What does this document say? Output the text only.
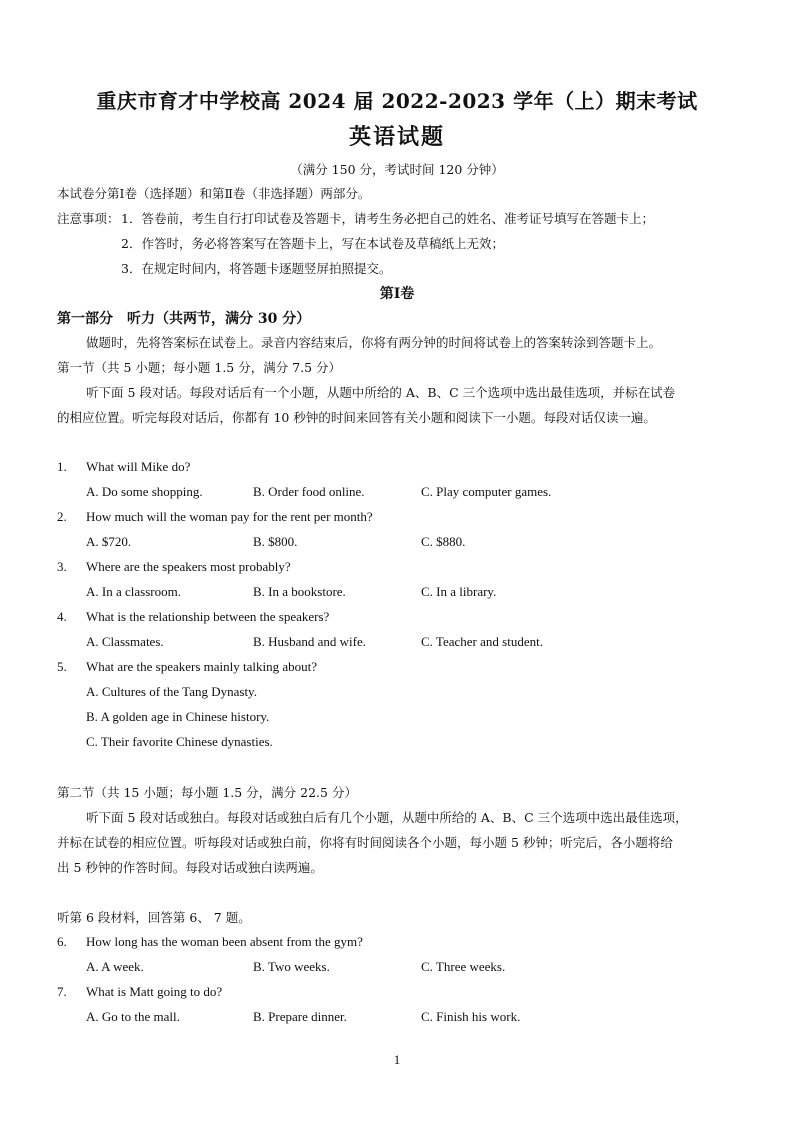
重庆市育才中学校高 2024 届 2022-2023 学年（上）期末考试
英语试题
（满分 150 分，考试时间 120 分钟）
本试卷分第Ⅰ卷（选择题）和第Ⅱ卷（非选择题）两部分。
注意事项： 1．答卷前，考生自行打印试卷及答题卡，请考生务必把自己的姓名、准考证号填写在答题卡上；
2．作答时，务必将答案写在答题卡上，写在本试卷及草稿纸上无效；
3．在规定时间内，将答题卡逐题竖屏拍照提交。
第Ⅰ卷
第一部分　听力（共两节，满分 30 分）
做题时，先将答案标在试卷上。录音内容结束后，你将有两分钟的时间将试卷上的答案转涂到答题卡上。
第一节（共 5 小题；每小题 1.5 分，满分 7.5 分）
听下面 5 段对话。每段对话后有一个小题，从题中所给的 A、B、C 三个选项中选出最佳选项，并标在试卷
的相应位置。听完每段对话后，你都有 10 秒钟的时间来回答有关小题和阅读下一小题。每段对话仅读一遍。
1. What will Mike do?
A. Do some shopping.	B. Order food online.	C. Play computer games.
2. How much will the woman pay for the rent per month?
A. $720.	B. $800.	C. $880.
3. Where are the speakers most probably?
A. In a classroom.	B. In a bookstore.	C. In a library.
4. What is the relationship between the speakers?
A. Classmates.	B. Husband and wife.	C. Teacher and student.
5. What are the speakers mainly talking about?
A. Cultures of the Tang Dynasty.
B. A golden age in Chinese history.
C. Their favorite Chinese dynasties.
第二节（共 15 小题；每小题 1.5 分，满分 22.5 分）
听下面 5 段对话或独白。每段对话或独白后有几个小题，从题中所给的 A、B、C 三个选项中选出最佳选项，
并标在试卷的相应位置。听每段对话或独白前，你将有时间阅读各个小题，每小题 5 秒钟；听完后，各小题将给
出 5 秒钟的作答时间。每段对话或独白读两遍。
听第 6 段材料，回答第 6、 7 题。
6. How long has the woman been absent from the gym?
A. A week.	B. Two weeks.	C. Three weeks.
7. What is Matt going to do?
A. Go to the mall.	B. Prepare dinner.	C. Finish his work.
1
